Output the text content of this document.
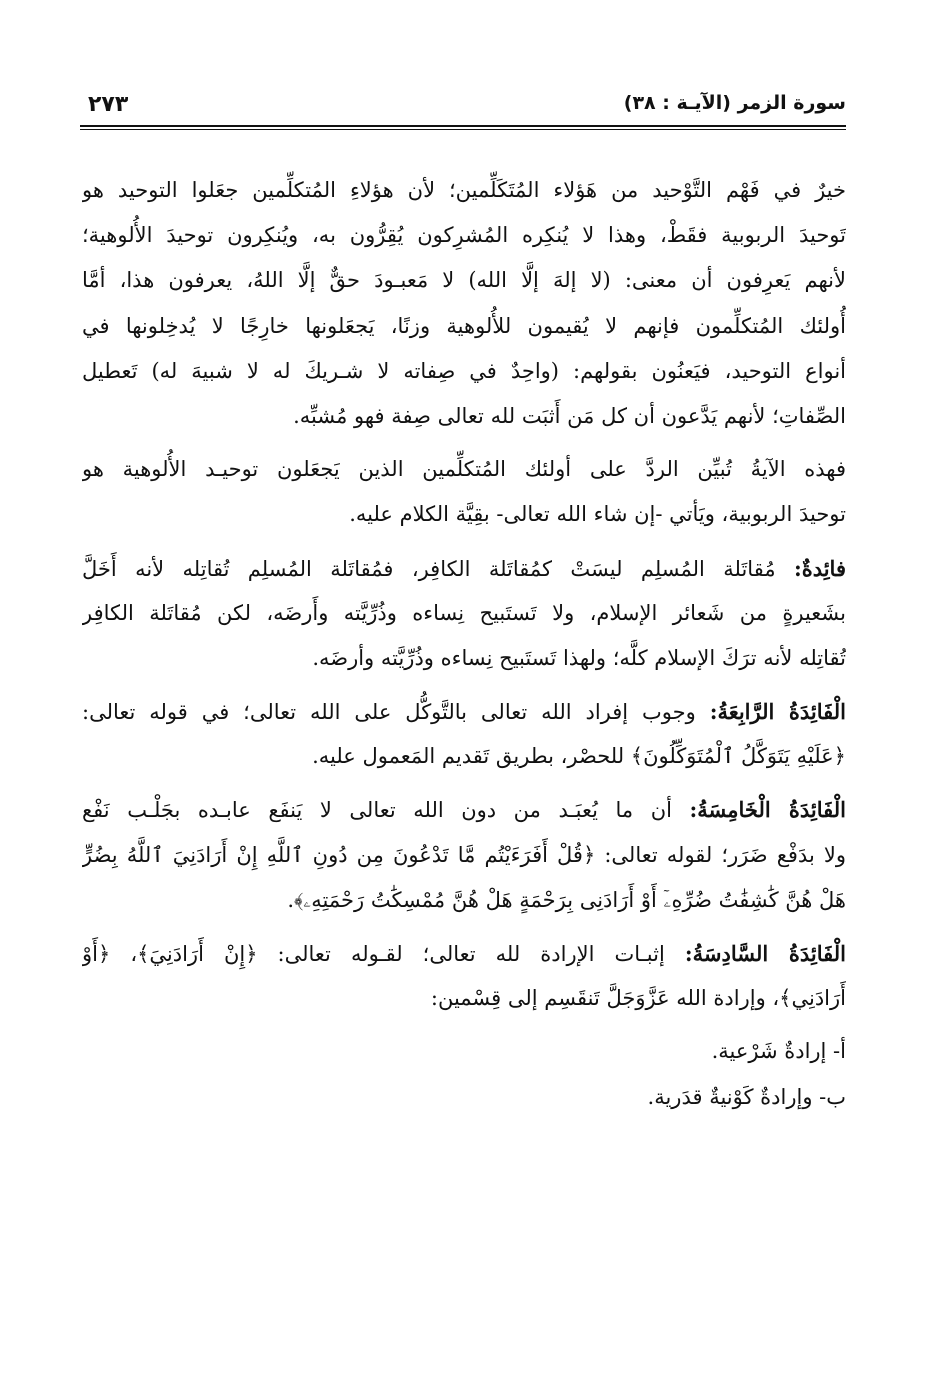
سورة الزمر (الآيـة : ٣٨)
٢٧٣
خيرٌ في فَهْم التَّوْحيد من هَؤلاء المُتَكَلِّمين؛ لأن هؤلاءِ المُتكلِّمين جعَلوا التوحيد هو
تَوحيدَ الربوبية فقَطْ، وهذا لا يُنكِره المُشرِكون يُقِرُّون به، ويُنكِرون توحيدَ الأُلوهية؛
لأنهم يَعرِفون أن معنى: (لا إلهَ إلَّا الله) لا مَعبـودَ حقٌّ إلَّا اللهُ، يعرفون هذا، أمَّا
أُولئك المُتكلِّمون فإنهم لا يُقيمون للأُلوهية وزنًا، يَجعَلونها خارِجًا لا يُدخِلونها في
أنواع التوحيد، فيَعنُون بقولهم: (واحِدٌ في صِفاته لا شـريكَ له لا شبيهَ له) تَعطيل
الصِّفاتِ؛ لأنهم يَدَّعون أن كل مَن أَثبَت لله تعالى صِفة فهو مُشبِّه.
فهذه الآيةُ تُبيِّن الردَّ على أولئك المُتكلِّمين الذين يَجعَلون توحيـد الأُلوهية هو
توحيدَ الربوبية، ويَأتي -إن شاء الله تعالى- بقِيَّة الكلام عليه.
فائِدةٌ: مُقاتَلة المُسلِم ليسَتْ كمُقاتَلة الكافِر، فمُقاتَلة المُسلِم تُقاتِله لأنه أَخَلَّ
بشَعيرةٍ من شَعائر الإسلام، ولا تَستَبيح نِساءه وذُرِّيَّته وأَرضَه، لكن مُقاتَلة الكافِر
تُقاتِله لأنه ترَكَ الإسلام كلَّه؛ ولهذا تَستَبيح نِساءه وذُرِّيَّته وأرضَه.
الْفَائِدَةُ الرَّابِعَةُ: وجوب إفراد الله تعالى بالتَّوكُّل على الله تعالى؛ في قوله تعالى:
﴿عَلَيْهِ يَتَوَكَّلُ ٱلْمُتَوَكِّلُونَ﴾ للحصْر، بطريق تَقديم المَعمول عليه.
الْفَائِدَةُ الْخَامِسَةُ: أن ما يُعبَـد من دون الله تعالى لا يَنفَع عابـده بجَلْـب نَفْع
ولا بدَفْع ضَرَر؛ لقوله تعالى: ﴿قُلْ أَفَرَءَيْتُم مَّا تَدْعُونَ مِن دُونِ ٱللَّهِ إِنْ أَرَادَنِيَ ٱللَّهُ بِضُرٍّ
هَلْ هُنَّ كَٰشِفَٰتُ ضُرِّهِۦٓ أَوْ أَرَادَنِى بِرَحْمَةٍ هَلْ هُنَّ مُمْسِكَٰتُ رَحْمَتِهِۦ﴾.
الْفَائِدَةُ السَّادِسَةُ: إثبـات الإرادة لله تعالى؛ لقـوله تعالى: ﴿إِنْ أَرَادَنِيَ﴾، ﴿أَوْ
أَرَادَنِي﴾، وإرادة الله عَزَّوَجَلَّ تَنقَسِم إلى قِسْمين:
أ- إرادةٌ شَرْعية.
ب- وإرادةٌ كَوْنيةٌ قدَرية.
